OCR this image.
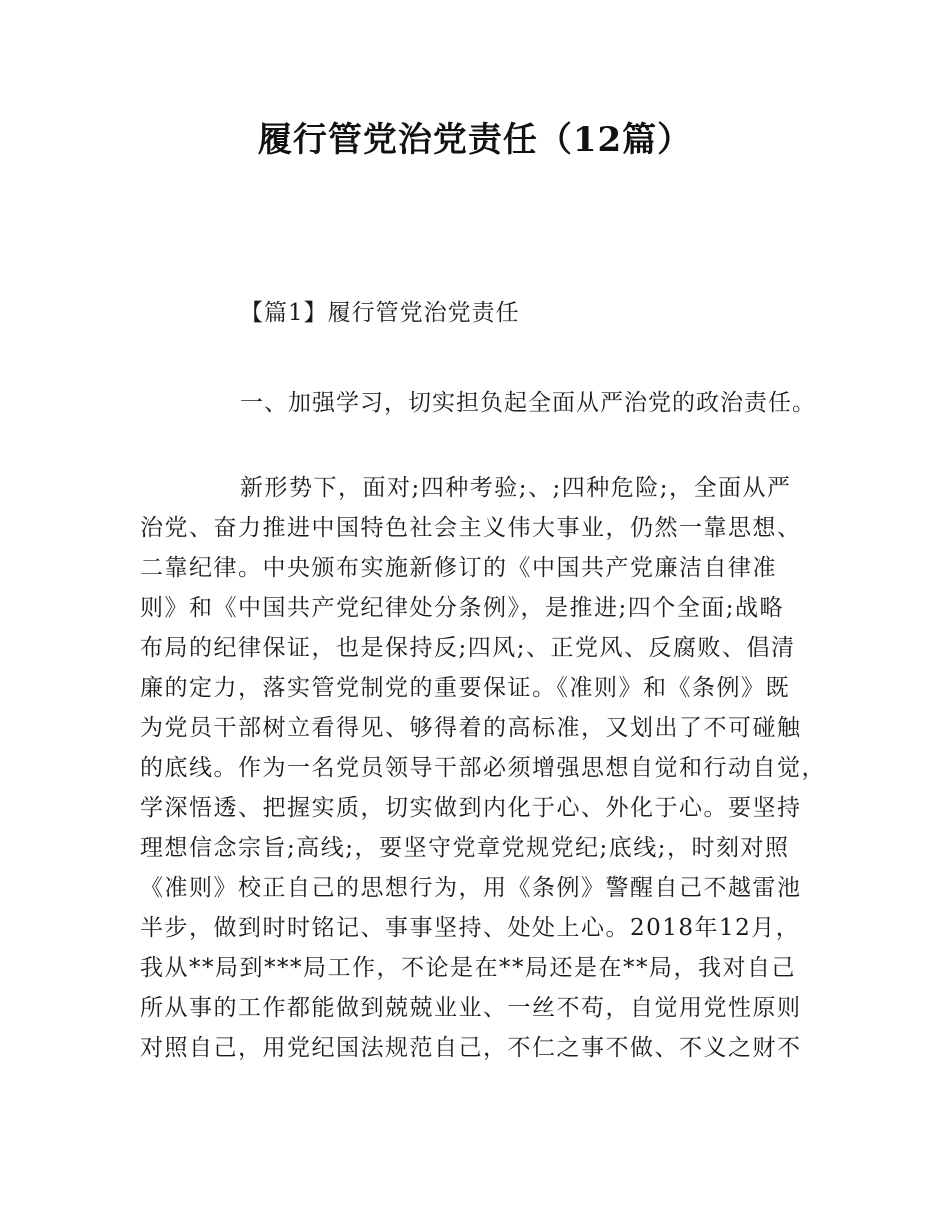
履行管党治党责任（12篇）
【篇1】履行管党治党责任
一、加强学习，切实担负起全面从严治党的政治责任。
新形势下，面对;四种考验;、;四种危险;，全面从严
治党、奋力推进中国特色社会主义伟大事业，仍然一靠思想、
二靠纪律。中央颁布实施新修订的《中国共产党廉洁自律准
则》和《中国共产党纪律处分条例》，是推进;四个全面;战略
布局的纪律保证，也是保持反;四风;、正党风、反腐败、倡清
廉的定力，落实管党制党的重要保证。《准则》和《条例》既
为党员干部树立看得见、够得着的高标准，又划出了不可碰触
的底线。作为一名党员领导干部必须增强思想自觉和行动自觉，
学深悟透、把握实质，切实做到内化于心、外化于心。要坚持
理想信念宗旨;高线;，要坚守党章党规党纪;底线;，时刻对照
《准则》校正自己的思想行为，用《条例》警醒自己不越雷池
半步，做到时时铭记、事事坚持、处处上心。2018年12月，
我从**局到***局工作，不论是在**局还是在**局，我对自己
所从事的工作都能做到兢兢业业、一丝不苟，自觉用党性原则
对照自己，用党纪国法规范自己，不仁之事不做、不义之财不
